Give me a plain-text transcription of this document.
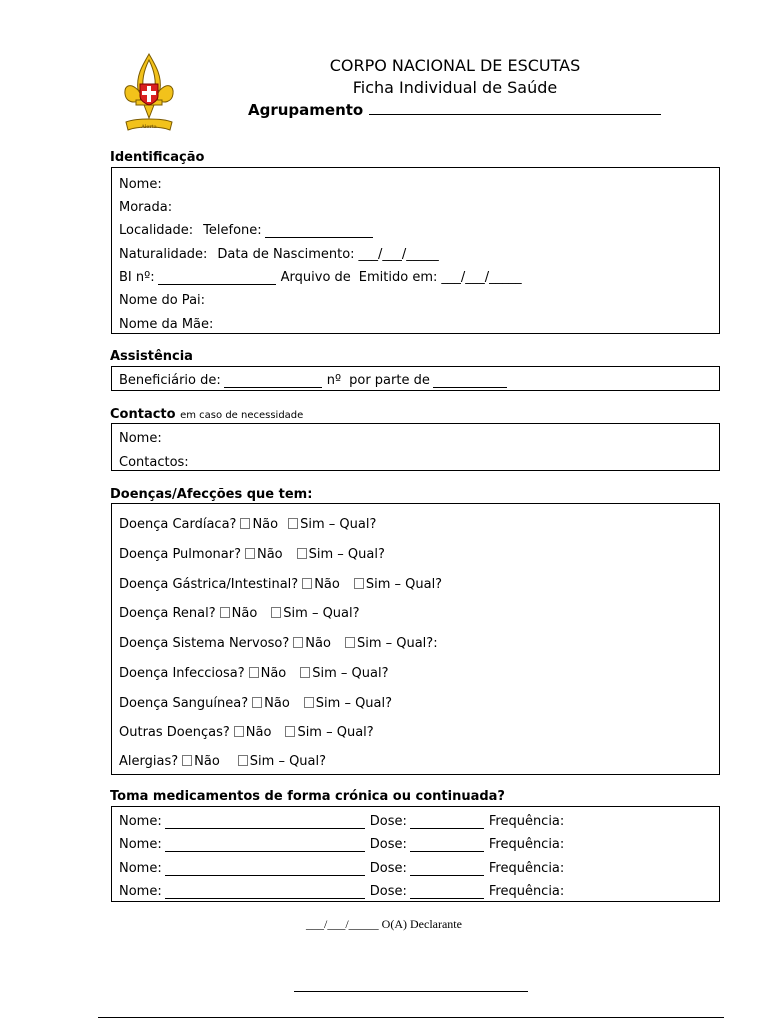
Alerta
CORPO NACIONAL DE ESCUTAS
Ficha Individual de Saúde
Agrupamento
Identificação
Nome:
Morada:
Localidade: Telefone:
Naturalidade: Data de Nascimento: ___/___/_____
BI nº:	Arquivo de Emitido em: ___/___/_____
Nome do Pai:
Nome da Mãe:
Assistência
Beneficiário de:	nº por parte de
Contacto em caso de necessidade
Nome:
Contactos:
Doenças/Afecções que tem:
Doença Cardíaca?	Não	Sim – Qual?
Doença Pulmonar?	Não	Sim – Qual?
Doença Gástrica/Intestinal?	Não	Sim – Qual?
Doença Renal?	Não	Sim – Qual?
Doença Sistema Nervoso?	Não	Sim – Qual?:
Doença Infecciosa?	Não	Sim – Qual?
Doença Sanguínea?	Não	Sim – Qual?
Outras Doenças?	Não	Sim – Qual?
Alergias?	Não	Sim – Qual?
Toma medicamentos de forma crónica ou continuada?
Nome:	Dose:	Frequência:
Nome:	Dose:	Frequência:
Nome:	Dose:	Frequência:
Nome:	Dose:	Frequência:
___/___/_____ O(A) Declarante
